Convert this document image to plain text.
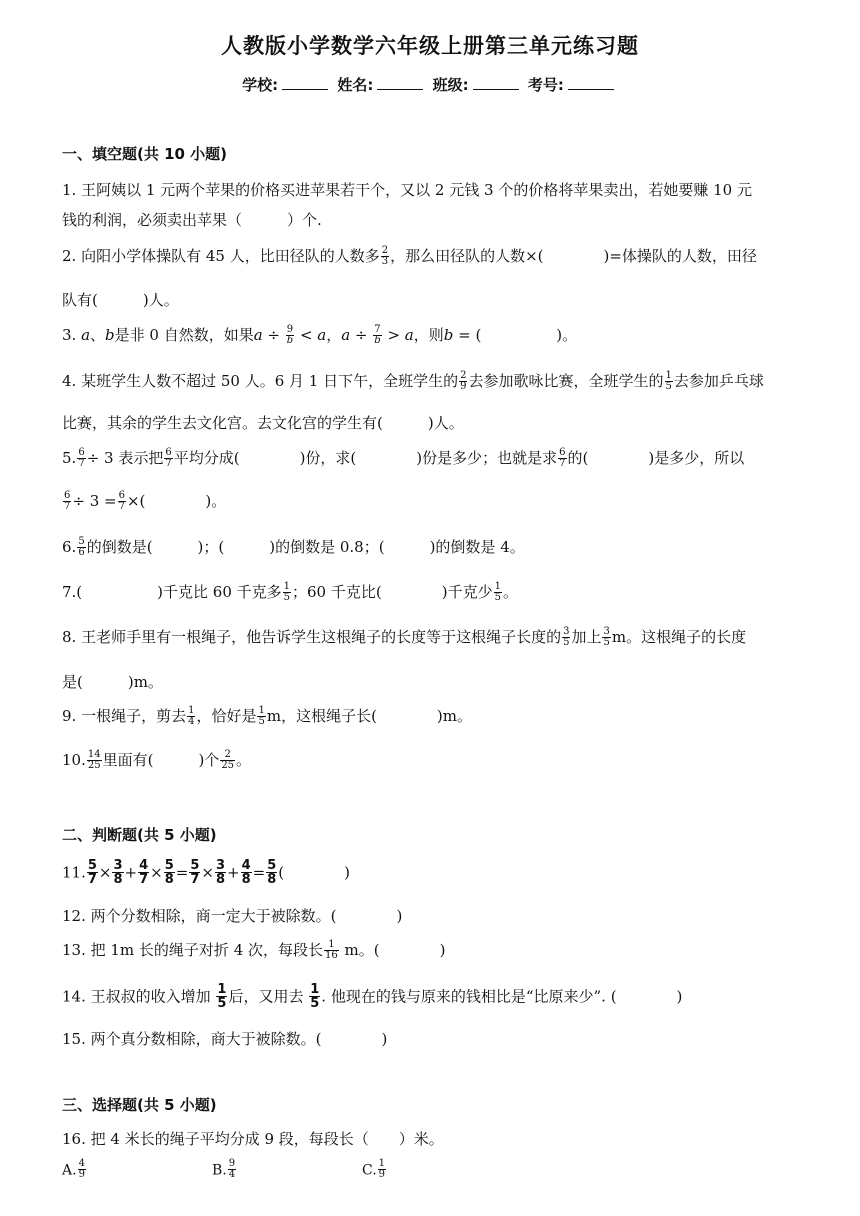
人教版小学数学六年级上册第三单元练习题
学校:	姓名:	班级:	考号:
一、填空题(共 10 小题)
1. 王阿姨以 1 元两个苹果的价格买进苹果若干个，又以 2 元钱 3 个的价格将苹果卖出，若她要赚 10 元
钱的利润，必须卖出苹果（　　　）个.
2. 向阳小学体操队有 45 人，比田径队的人数多 $\frac{2}{3}$ ，那么田径队的人数×(　　　　)=体操队的人数，田径
队有(　　　)人。
3. 𝑎、𝑏是非 0 自然数，如果𝑎 ÷ 9
𝑏 < 𝑎，𝑎 ÷ 7
𝑏 > 𝑎，则𝑏 = (　　　　　)。
4. 某班学生人数不超过 50 人。6 月 1 日下午，全班学生的 $\frac{2}{9}$ 去参加歌咏比赛，全班学生的 $\frac{1}{5}$ 去参加乒乓球
比赛，其余的学生去文化宫。去文化宫的学生有(　　　)人。
5. $\frac{6}{7} \div 3$ 表示把 $\frac{6}{7}$ 平均分成(　　　　)份，求(　　　　)份是多少；也就是求 $\frac{6}{7}$ 的(　　　　)是多少，所以
$\frac{6}{7} \div 3 = \frac{6}{7}$ ×(　　　　)。
6. $\frac{5}{6}$ 的倒数是(　　　)；(　　　)的倒数是 0.8；(　　　)的倒数是 4。
7.(　　　　　)千克比 60 千克多 $\frac{1}{5}$ ；60 千克比(　　　　)千克少 $\frac{1}{5}$ 。
8. 王老师手里有一根绳子，他告诉学生这根绳子的长度等于这根绳子长度的 $\frac{3}{5}$ 加上 $\frac{3}{5}$ m。这根绳子的长度
是(　　　)m。
9. 一根绳子，剪去 $\frac{1}{4}$ ，恰好是 $\frac{1}{5}$ m，这根绳子长(　　　　)m。
10. $\frac{14}{25}$ 里面有(　　　)个 $\frac{2}{25}$ 。
二、判断题(共 5 小题)
11. $\frac{5}{7} \times \frac{3}{8} + \frac{4}{7} \times \frac{5}{8} = \frac{5}{7} \times \frac{3}{8} + \frac{4}{8} = \frac{5}{8}$ (　　　　)
12. 两个分数相除，商一定大于被除数。(　　　　)
13. 把 1m 长的绳子对折 4 次，每段长 $\frac{1}{16}$ m。(　　　　)
14. 王叔叔的收入增加 $\frac{1}{5}$ 后，又用去 $\frac{1}{5}$ . 他现在的钱与原来的钱相比是“比原来少”. (　　　　)
15. 两个真分数相除，商大于被除数。(　　　　)
三、选择题(共 5 小题)
16. 把 4 米长的绳子平均分成 9 段，每段长（　　）米。
A. $\frac{4}{9}$	B. $\frac{9}{4}$	C. $\frac{1}{9}$
